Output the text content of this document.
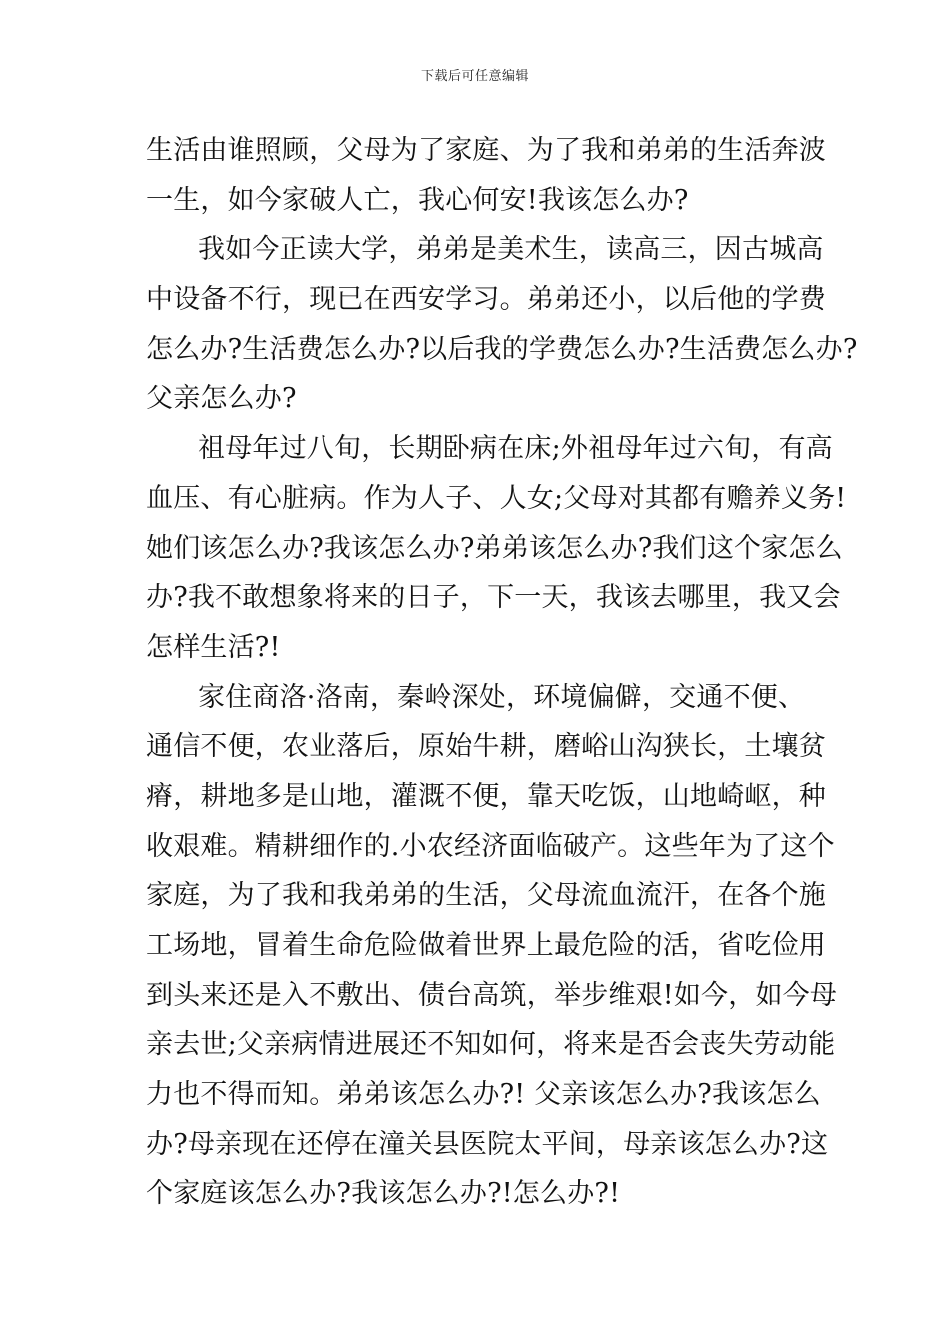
下载后可任意编辑
生活由谁照顾，父母为了家庭、为了我和弟弟的生活奔波
一生，如今家破人亡，我心何安!我该怎么办?
我如今正读大学，弟弟是美术生，读高三，因古城高
中设备不行，现已在西安学习。弟弟还小，以后他的学费
怎么办?生活费怎么办?以后我的学费怎么办?生活费怎么办?
父亲怎么办?
祖母年过八旬，长期卧病在床;外祖母年过六旬，有高
血压、有心脏病。作为人子、人女;父母对其都有赡养义务!
她们该怎么办?我该怎么办?弟弟该怎么办?我们这个家怎么
办?我不敢想象将来的日子，下一天，我该去哪里，我又会
怎样生活?!
家住商洛·洛南，秦岭深处，环境偏僻，交通不便、
通信不便，农业落后，原始牛耕，磨峪山沟狭长，土壤贫
瘠，耕地多是山地，灌溉不便，靠天吃饭，山地崎岖，种
收艰难。精耕细作的.小农经济面临破产。这些年为了这个
家庭，为了我和我弟弟的生活，父母流血流汗，在各个施
工场地，冒着生命危险做着世界上最危险的活，省吃俭用
到头来还是入不敷出、债台高筑，举步维艰!如今，如今母
亲去世;父亲病情进展还不知如何，将来是否会丧失劳动能
力也不得而知。弟弟该怎么办?! 父亲该怎么办?我该怎么
办?母亲现在还停在潼关县医院太平间，母亲该怎么办?这
个家庭该怎么办?我该怎么办?!怎么办?!
